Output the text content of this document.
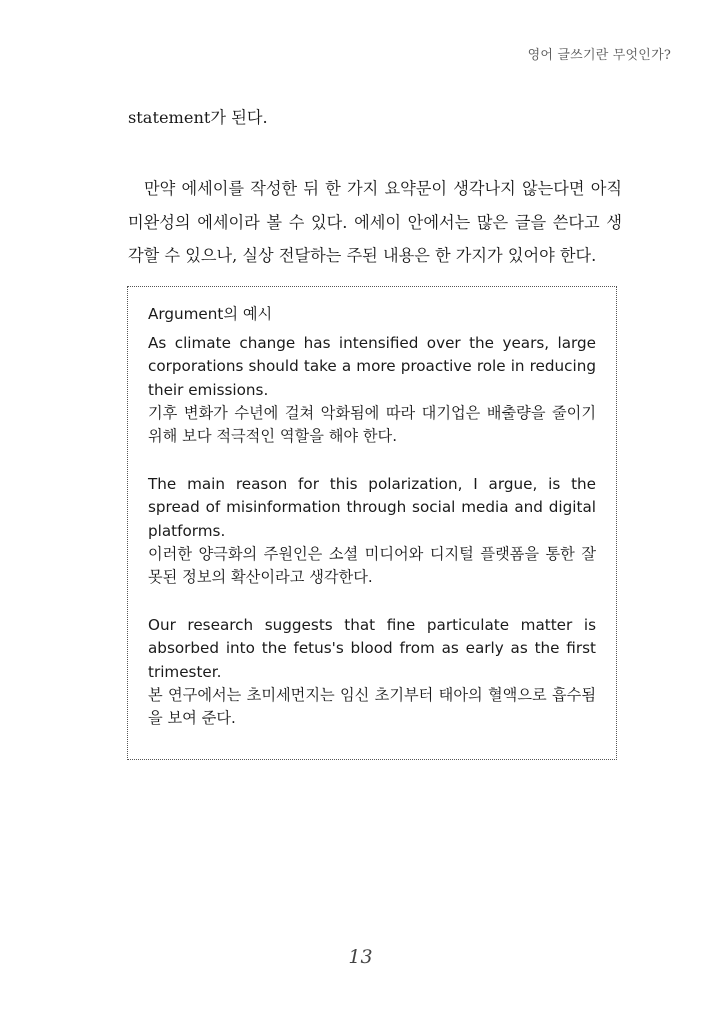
영어 글쓰기란 무엇인가?

statement가 된다.

만약 에세이를 작성한 뒤 한 가지 요약문이 생각나지 않는다면 아직 미완성의 에세이라 볼 수 있다. 에세이 안에서는 많은 글을 쓴다고 생각할 수 있으나, 실상 전달하는 주된 내용은 한 가지가 있어야 한다.

Argument의 예시
As climate change has intensified over the years, large corporations should take a more proactive role in reducing their emissions.
기후 변화가 수년에 걸쳐 악화됨에 따라 대기업은 배출량을 줄이기 위해 보다 적극적인 역할을 해야 한다.
The main reason for this polarization, I argue, is the spread of misinformation through social media and digital platforms.
이러한 양극화의 주원인은 소셜 미디어와 디지털 플랫폼을 통한 잘못된 정보의 확산이라고 생각한다.
Our research suggests that fine particulate matter is absorbed into the fetus's blood from as early as the first trimester.
본 연구에서는 초미세먼지는 임신 초기부터 태아의 혈액으로 흡수됨을 보여 준다.
13
